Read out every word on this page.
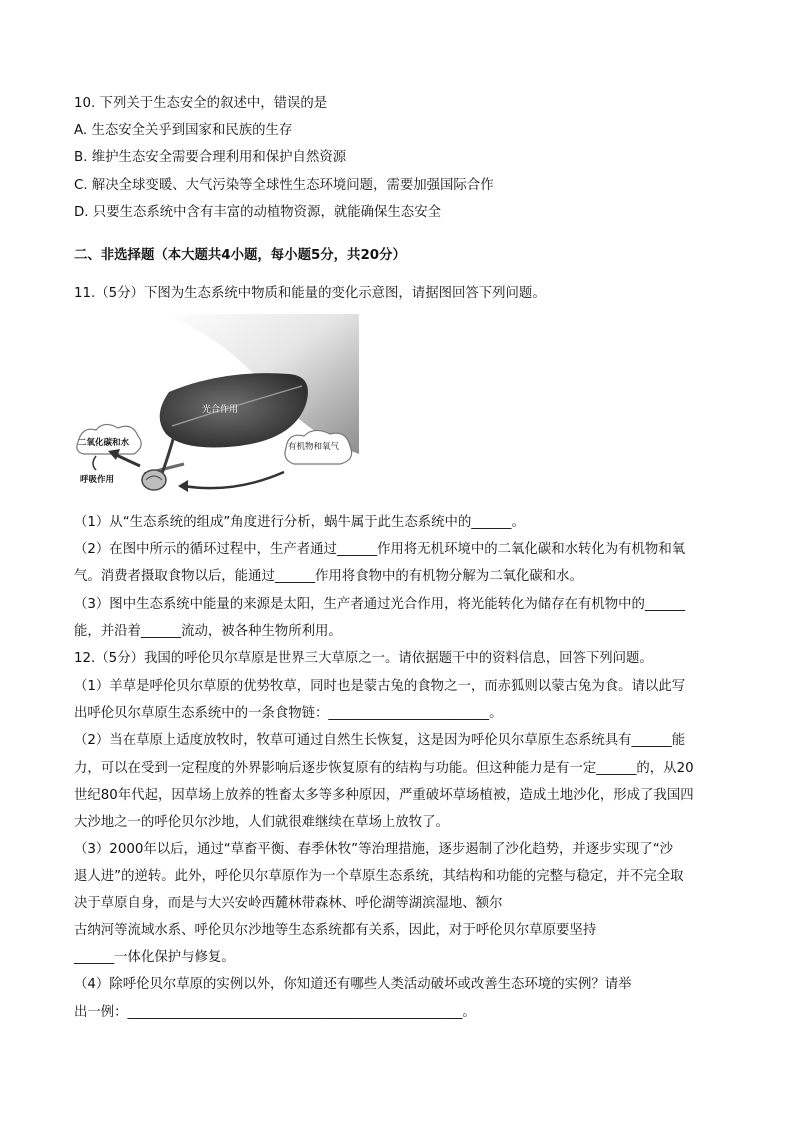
10. 下列关于生态安全的叙述中，错误的是
A. 生态安全关乎到国家和民族的生存
B. 维护生态安全需要合理利用和保护自然资源
C. 解决全球变暖、大气污染等全球性生态环境问题，需要加强国际合作
D. 只要生态系统中含有丰富的动植物资源，就能确保生态安全
二、非选择题（本大题共4小题，每小题5分，共20分）
11.（5分）下图为生态系统中物质和能量的变化示意图，请据图回答下列问题。
光合作用
二氧化碳和水	有机物和氧气
呼吸作用
（1）从“生态系统的组成”角度进行分析，蜗牛属于此生态系统中的______。
（2）在图中所示的循环过程中，生产者通过______作用将无机环境中的二氧化碳和水转化为有机物和氧
气。消费者摄取食物以后，能通过______作用将食物中的有机物分解为二氧化碳和水。
（3）图中生态系统中能量的来源是太阳，生产者通过光合作用，将光能转化为储存在有机物中的______
能，并沿着______流动，被各种生物所利用。
12.（5分）我国的呼伦贝尔草原是世界三大草原之一。请依据题干中的资料信息，回答下列问题。
（1）羊草是呼伦贝尔草原的优势牧草，同时也是蒙古兔的食物之一，而赤狐则以蒙古兔为食。请以此写
出呼伦贝尔草原生态系统中的一条食物链：________________________。
（2）当在草原上适度放牧时，牧草可通过自然生长恢复，这是因为呼伦贝尔草原生态系统具有______能
力，可以在受到一定程度的外界影响后逐步恢复原有的结构与功能。但这种能力是有一定______的，从20
世纪80年代起，因草场上放养的牲畜太多等多种原因，严重破坏草场植被，造成土地沙化，形成了我国四
大沙地之一的呼伦贝尔沙地，人们就很难继续在草场上放牧了。
（3）2000年以后，通过“草畜平衡、春季休牧”等治理措施，逐步遏制了沙化趋势，并逐步实现了“沙
退人进”的逆转。此外，呼伦贝尔草原作为一个草原生态系统，其结构和功能的完整与稳定，并不完全取
决于草原自身，而是与大兴安岭西麓林带森林、呼伦湖等湖滨湿地、额尔
古纳河等流域水系、呼伦贝尔沙地等生态系统都有关系，因此，对于呼伦贝尔草原要坚持
______一体化保护与修复。
（4）除呼伦贝尔草原的实例以外，你知道还有哪些人类活动破坏或改善生态环境的实例？请举
出一例：__________________________________________________。
